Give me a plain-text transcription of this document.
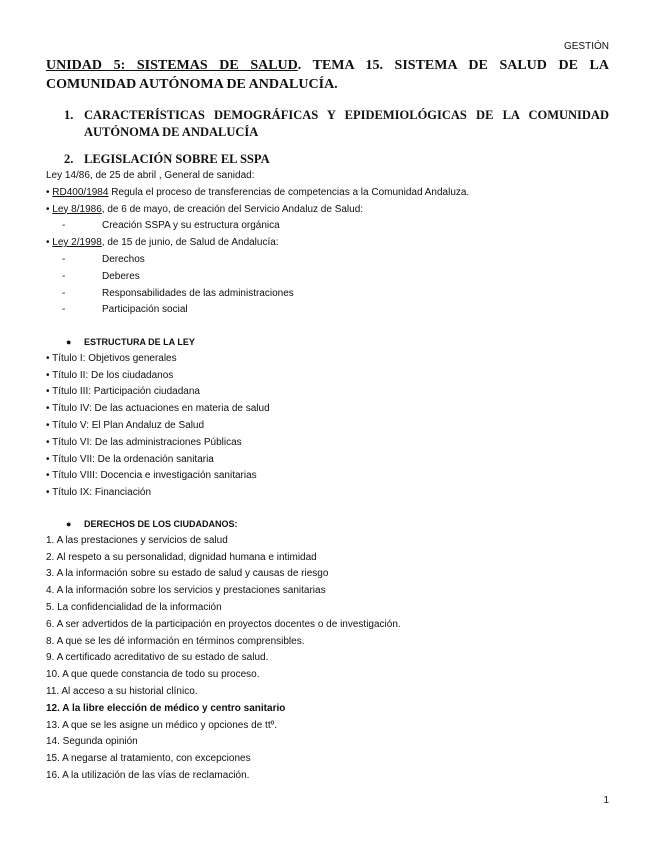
GESTIÓN
UNIDAD 5: SISTEMAS DE SALUD. TEMA 15. SISTEMA DE SALUD DE LA COMUNIDAD AUTÓNOMA DE ANDALUCÍA.
1. CARACTERÍSTICAS DEMOGRÁFICAS Y EPIDEMIOLÓGICAS DE LA COMUNIDAD AUTÓNOMA DE ANDALUCÍA
2. LEGISLACIÓN SOBRE EL SSPA
Ley 14/86, de 25 de abril , General de sanidad:
• RD400/1984 Regula el proceso de transferencias de competencias a la Comunidad Andaluza.
• Ley 8/1986, de 6 de mayo, de creación del Servicio Andaluz de Salud:
-	Creación SSPA y su estructura orgánica
• Ley 2/1998, de 15 de junio, de Salud de Andalucía:
-	Derechos
-	Deberes
-	Responsabilidades de las administraciones
-	Participación social
● ESTRUCTURA DE LA LEY
• Título I: Objetivos generales
• Título II: De los ciudadanos
• Título III: Participación ciudadana
• Título IV: De las actuaciones en materia de salud
• Título V: El Plan Andaluz de Salud
• Título VI: De las administraciones Públicas
• Título VII: De la ordenación sanitaria
• Título VIII: Docencia e investigación sanitarias
• Título IX: Financiación
● DERECHOS DE LOS CIUDADANOS:
1. A las prestaciones y servicios de salud
2. Al respeto a su personalidad, dignidad humana e intimidad
3. A la información sobre su estado de salud y causas de riesgo
4. A la información sobre los servicios y prestaciones sanitarias
5. La confidencialidad de la información
6. A ser advertidos de la participación en proyectos docentes o de investigación.
8. A que se les dé información en términos comprensibles.
9. A certificado acreditativo de su estado de salud.
10. A que quede constancia de todo su proceso.
11. Al acceso a su historial clínico.
12. A la libre elección de médico y centro sanitario
13. A que se les asigne un médico y opciones de ttº.
14. Segunda opinión
15. A negarse al tratamiento, con excepciones
16. A la utilización de las vías de reclamación.
1
